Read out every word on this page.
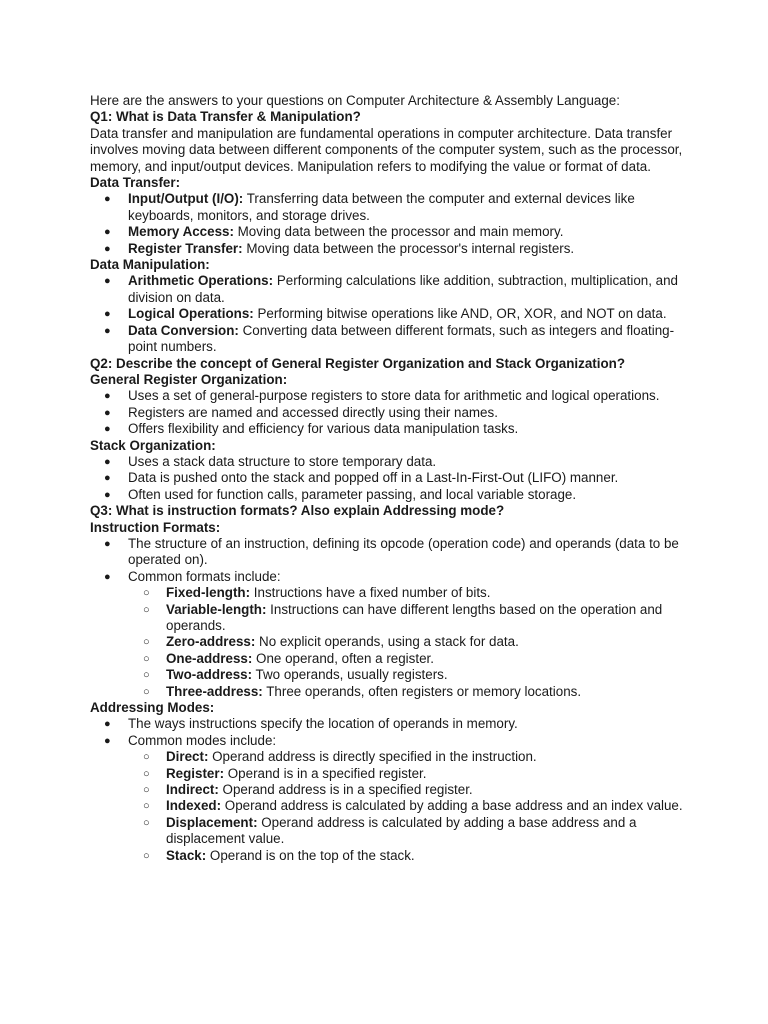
Here are the answers to your questions on Computer Architecture & Assembly Language:

Q1: What is Data Transfer & Manipulation?

Data transfer and manipulation are fundamental operations in computer architecture. Data transfer involves moving data between different components of the computer system, such as the processor, memory, and input/output devices. Manipulation refers to modifying the value or format of data.

Data Transfer:

● Input/Output (I/O): Transferring data between the computer and external devices like keyboards, monitors, and storage drives.
● Memory Access: Moving data between the processor and main memory.
● Register Transfer: Moving data between the processor's internal registers.

Data Manipulation:

● Arithmetic Operations: Performing calculations like addition, subtraction, multiplication, and division on data.
● Logical Operations: Performing bitwise operations like AND, OR, XOR, and NOT on data.
● Data Conversion: Converting data between different formats, such as integers and floating-point numbers.

Q2: Describe the concept of General Register Organization and Stack Organization?

General Register Organization:

● Uses a set of general-purpose registers to store data for arithmetic and logical operations.
● Registers are named and accessed directly using their names.
● Offers flexibility and efficiency for various data manipulation tasks.

Stack Organization:

● Uses a stack data structure to store temporary data.
● Data is pushed onto the stack and popped off in a Last-In-First-Out (LIFO) manner.
● Often used for function calls, parameter passing, and local variable storage.

Q3: What is instruction formats? Also explain Addressing mode?

Instruction Formats:

● The structure of an instruction, defining its opcode (operation code) and operands (data to be operated on).
● Common formats include:
○ Fixed-length: Instructions have a fixed number of bits.
○ Variable-length: Instructions can have different lengths based on the operation and operands.
○ Zero-address: No explicit operands, using a stack for data.
○ One-address: One operand, often a register.
○ Two-address: Two operands, usually registers.
○ Three-address: Three operands, often registers or memory locations.

Addressing Modes:

● The ways instructions specify the location of operands in memory.
● Common modes include:
○ Direct: Operand address is directly specified in the instruction.
○ Register: Operand is in a specified register.
○ Indirect: Operand address is in a specified register.
○ Indexed: Operand address is calculated by adding a base address and an index value.
○ Displacement: Operand address is calculated by adding a base address and a displacement value.
○ Stack: Operand is on the top of the stack.
